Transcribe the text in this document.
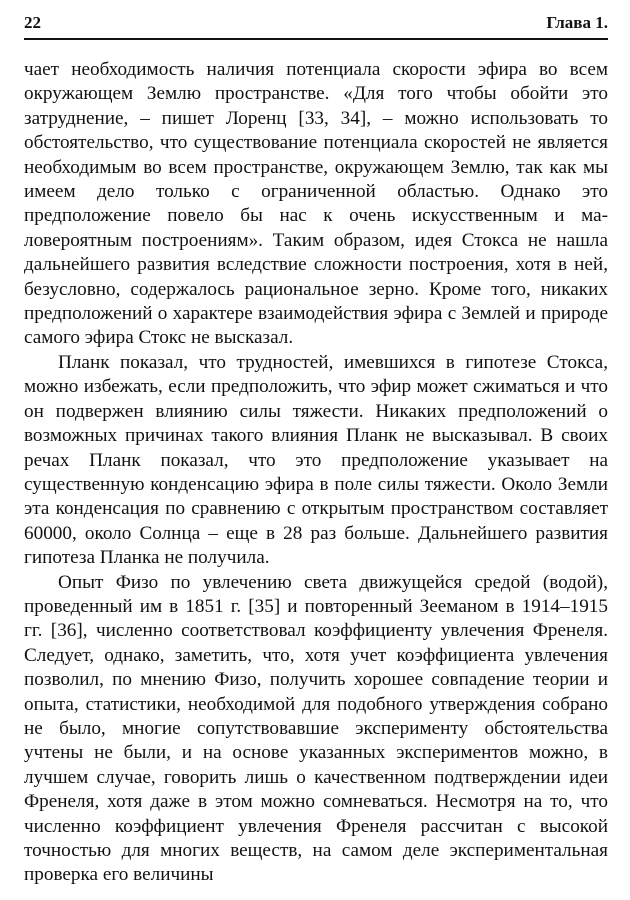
22	Глава 1.

чает необходимость наличия потенциала скорости эфира во всем окружающем Землю пространстве. «Для того чтобы обойти это затруднение, – пишет Лоренц [33, 34], – можно использовать то обстоятельство, что существование потенциала скоростей не является необходимым во всем пространстве, окружающем Землю, так как мы имеем дело только с ограниченной областью. Однако это предположение повело бы нас к очень искусственным и маловероятным построениям». Таким образом, идея Стокса не нашла дальнейшего развития вследствие сложности построения, хотя в ней, безусловно, содержалось рациональное зерно. Кроме того, никаких предположений о характере взаимодействия эфира с Землей и природе самого эфира Стокс не высказал.

Планк показал, что трудностей, имевшихся в гипотезе Стокса, можно избежать, если предположить, что эфир может сжиматься и что он подвержен влиянию силы тяжести. Никаких предположений о возможных причинах такого влияния Планк не высказывал. В своих речах Планк показал, что это предположение указывает на существенную конденсацию эфира в поле силы тяжести. Около Земли эта конденсация по сравнению с открытым пространством составляет 60000, около Солнца – еще в 28 раз больше. Дальнейшего развития гипотеза Планка не получила.

Опыт Физо по увлечению света движущейся средой (водой), проведенный им в 1851 г. [35] и повторенный Зееманом в 1914–1915 гг. [36], численно соответствовал коэффициенту увлечения Френеля. Следует, однако, заметить, что, хотя учет коэффициента увлечения позволил, по мнению Физо, получить хорошее совпадение теории и опыта, статистики, необходимой для подобного утверждения собрано не было, многие сопутствовавшие эксперименту обстоятельства учтены не были, и на основе указанных экспериментов можно, в лучшем случае, говорить лишь о качественном подтверждении идеи Френеля, хотя даже в этом можно сомневаться. Несмотря на то, что численно коэффициент увлечения Френеля рассчитан с высокой точностью для многих веществ, на самом деле экспериментальная проверка его величины
